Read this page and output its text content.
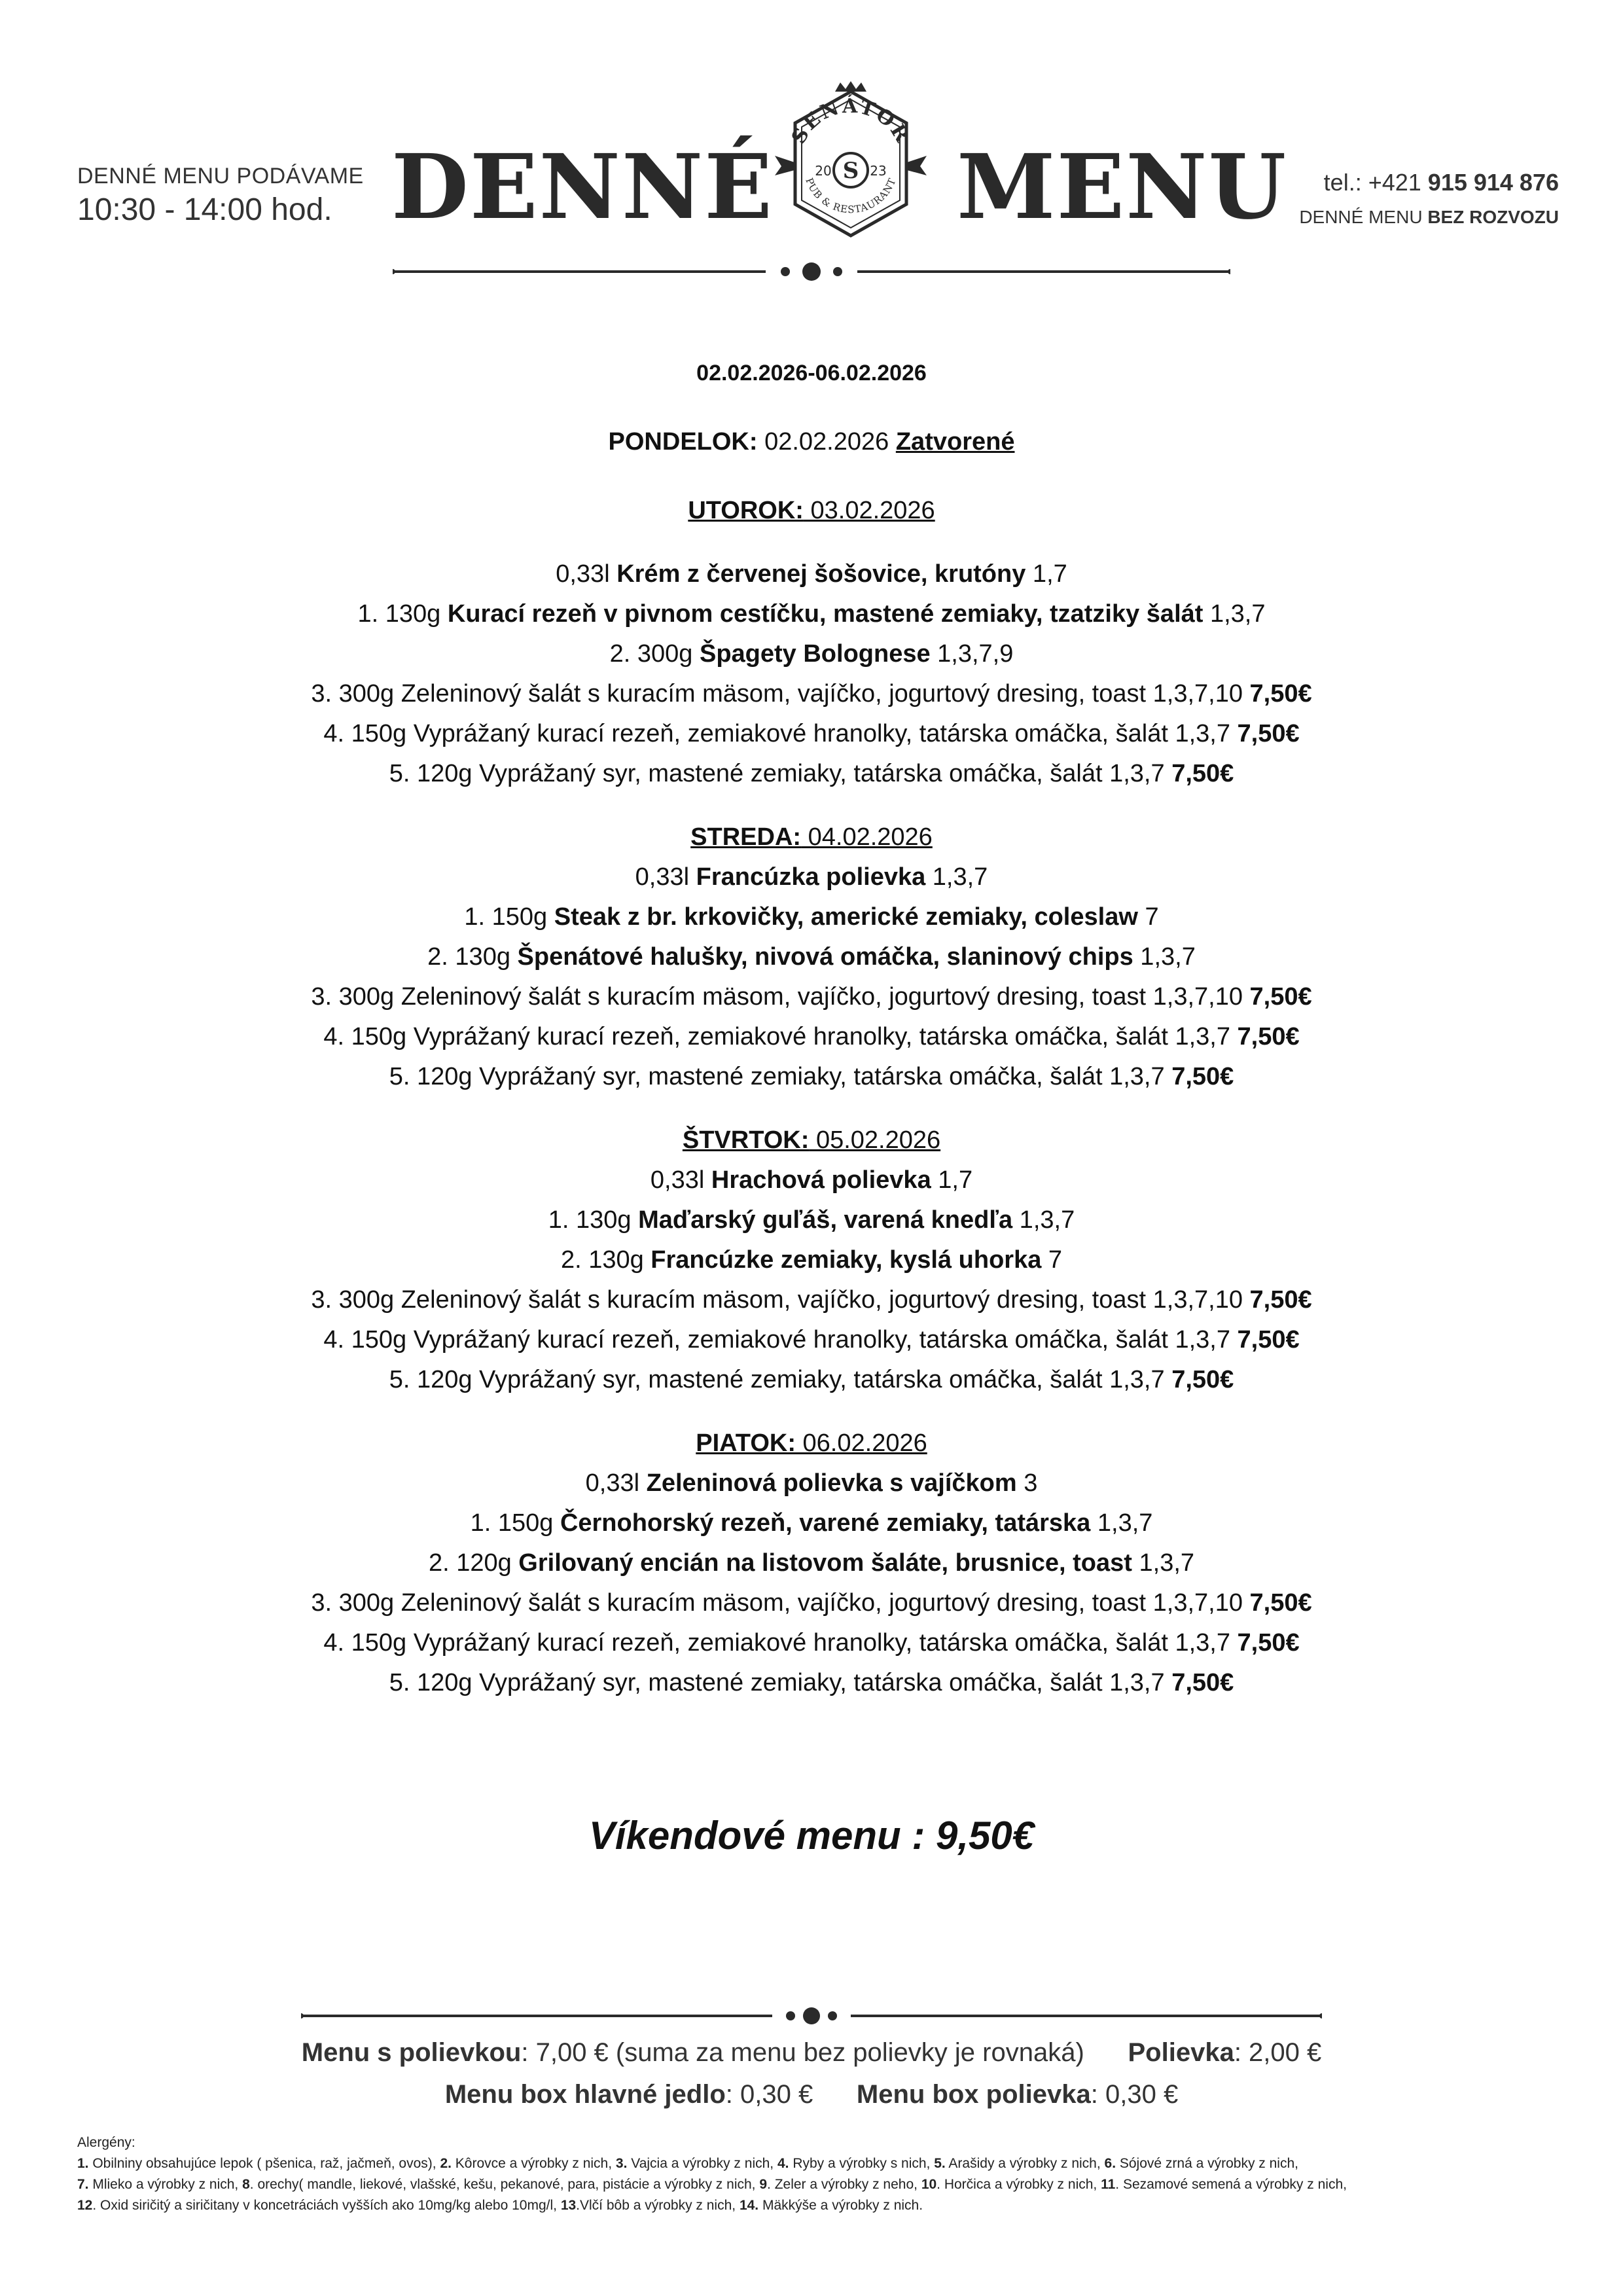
DENNÉ MENU PODÁVAME
10:30 - 14:00 hod. DENNÉ MENU
SENÁTOR
S
20	23
PUB & RESTAURANT	tel.: +421 915 914 876
DENNÉ MENU BEZ ROZVOZU
02.02.2026-06.02.2026
PONDELOK: 02.02.2026 Zatvorené
UTOROK: 03.02.2026
0,33l Krém z červenej šošovice, krutóny 1,7
1. 130g Kurací rezeň v pivnom cestíčku, mastené zemiaky, tzatziky šalát 1,3,7
2. 300g Špagety Bolognese 1,3,7,9
3. 300g Zeleninový šalát s kuracím mäsom, vajíčko, jogurtový dresing, toast 1,3,7,10 7,50€
4. 150g Vyprážaný kurací rezeň, zemiakové hranolky, tatárska omáčka, šalát 1,3,7 7,50€
5. 120g Vyprážaný syr, mastené zemiaky, tatárska omáčka, šalát 1,3,7 7,50€
STREDA: 04.02.2026
0,33l Francúzka polievka 1,3,7
1. 150g Steak z br. krkovičky, americké zemiaky, coleslaw 7
2. 130g Špenátové halušky, nivová omáčka, slaninový chips 1,3,7
3. 300g Zeleninový šalát s kuracím mäsom, vajíčko, jogurtový dresing, toast 1,3,7,10 7,50€
4. 150g Vyprážaný kurací rezeň, zemiakové hranolky, tatárska omáčka, šalát 1,3,7 7,50€
5. 120g Vyprážaný syr, mastené zemiaky, tatárska omáčka, šalát 1,3,7 7,50€
ŠTVRTOK: 05.02.2026
0,33l Hrachová polievka 1,7
1. 130g Maďarský guľáš, varená knedľa 1,3,7
2. 130g Francúzke zemiaky, kyslá uhorka 7
3. 300g Zeleninový šalát s kuracím mäsom, vajíčko, jogurtový dresing, toast 1,3,7,10 7,50€
4. 150g Vyprážaný kurací rezeň, zemiakové hranolky, tatárska omáčka, šalát 1,3,7 7,50€
5. 120g Vyprážaný syr, mastené zemiaky, tatárska omáčka, šalát 1,3,7 7,50€
PIATOK: 06.02.2026
0,33l Zeleninová polievka s vajíčkom 3
1. 150g Černohorský rezeň, varené zemiaky, tatárska 1,3,7
2. 120g Grilovaný encián na listovom šaláte, brusnice, toast 1,3,7
3. 300g Zeleninový šalát s kuracím mäsom, vajíčko, jogurtový dresing, toast 1,3,7,10 7,50€
4. 150g Vyprážaný kurací rezeň, zemiakové hranolky, tatárska omáčka, šalát 1,3,7 7,50€
5. 120g Vyprážaný syr, mastené zemiaky, tatárska omáčka, šalát 1,3,7 7,50€
Víkendové menu : 9,50€
Menu s polievkou: 7,00 € (suma za menu bez polievky je rovnaká) Polievka: 2,00 €
Menu box hlavné jedlo: 0,30 € Menu box polievka: 0,30 €
Alergény:
1. Obilniny obsahujúce lepok ( pšenica, raž, jačmeň, ovos), 2. Kôrovce a výrobky z nich, 3. Vajcia a výrobky z nich, 4. Ryby a výrobky s nich, 5. Arašidy a výrobky z nich, 6. Sójové zrná a výrobky z nich,
7. Mlieko a výrobky z nich, 8. orechy( mandle, liekové, vlašské, kešu, pekanové, para, pistácie a výrobky z nich, 9. Zeler a výrobky z neho, 10. Horčica a výrobky z nich, 11. Sezamové semená a výrobky z nich,
12. Oxid siričitý a siričitany v koncetráciách vyšších ako 10mg/kg alebo 10mg/l, 13.Vlčí bôb a výrobky z nich, 14. Mäkkýše a výrobky z nich.
